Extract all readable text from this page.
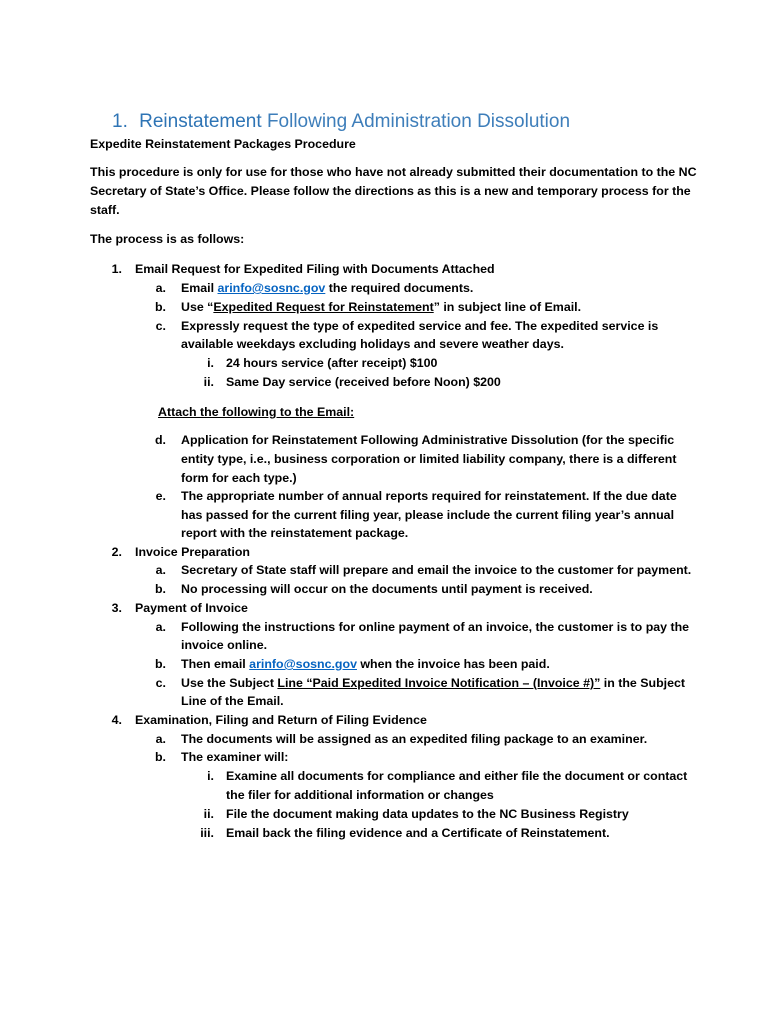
1. Reinstatement Following Administration Dissolution
Expedite Reinstatement Packages Procedure
This procedure is only for use for those who have not already submitted their documentation to the NC
Secretary of State’s Office. Please follow the directions as this is a new and temporary process for the
staff.
The process is as follows:
1. Email Request for Expedited Filing with Documents Attached
a. Email arinfo@sosnc.gov the required documents.
b. Use “Expedited Request for Reinstatement” in subject line of Email.
c. Expressly request the type of expedited service and fee. The expedited service is
available weekdays excluding holidays and severe weather days.
i. 24 hours service (after receipt) $100
ii. Same Day service (received before Noon) $200
Attach the following to the Email:
d. Application for Reinstatement Following Administrative Dissolution (for the specific
entity type, i.e., business corporation or limited liability company, there is a different
form for each type.)
e. The appropriate number of annual reports required for reinstatement. If the due date
has passed for the current filing year, please include the current filing year’s annual
report with the reinstatement package.
2. Invoice Preparation
a. Secretary of State staff will prepare and email the invoice to the customer for payment.
b. No processing will occur on the documents until payment is received.
3. Payment of Invoice
a. Following the instructions for online payment of an invoice, the customer is to pay the
invoice online.
b. Then email arinfo@sosnc.gov when the invoice has been paid.
c. Use the Subject Line “Paid Expedited Invoice Notification – (Invoice #)” in the Subject
Line of the Email.
4. Examination, Filing and Return of Filing Evidence
a. The documents will be assigned as an expedited filing package to an examiner.
b. The examiner will:
i. Examine all documents for compliance and either file the document or contact
the filer for additional information or changes
ii. File the document making data updates to the NC Business Registry
iii. Email back the filing evidence and a Certificate of Reinstatement.
